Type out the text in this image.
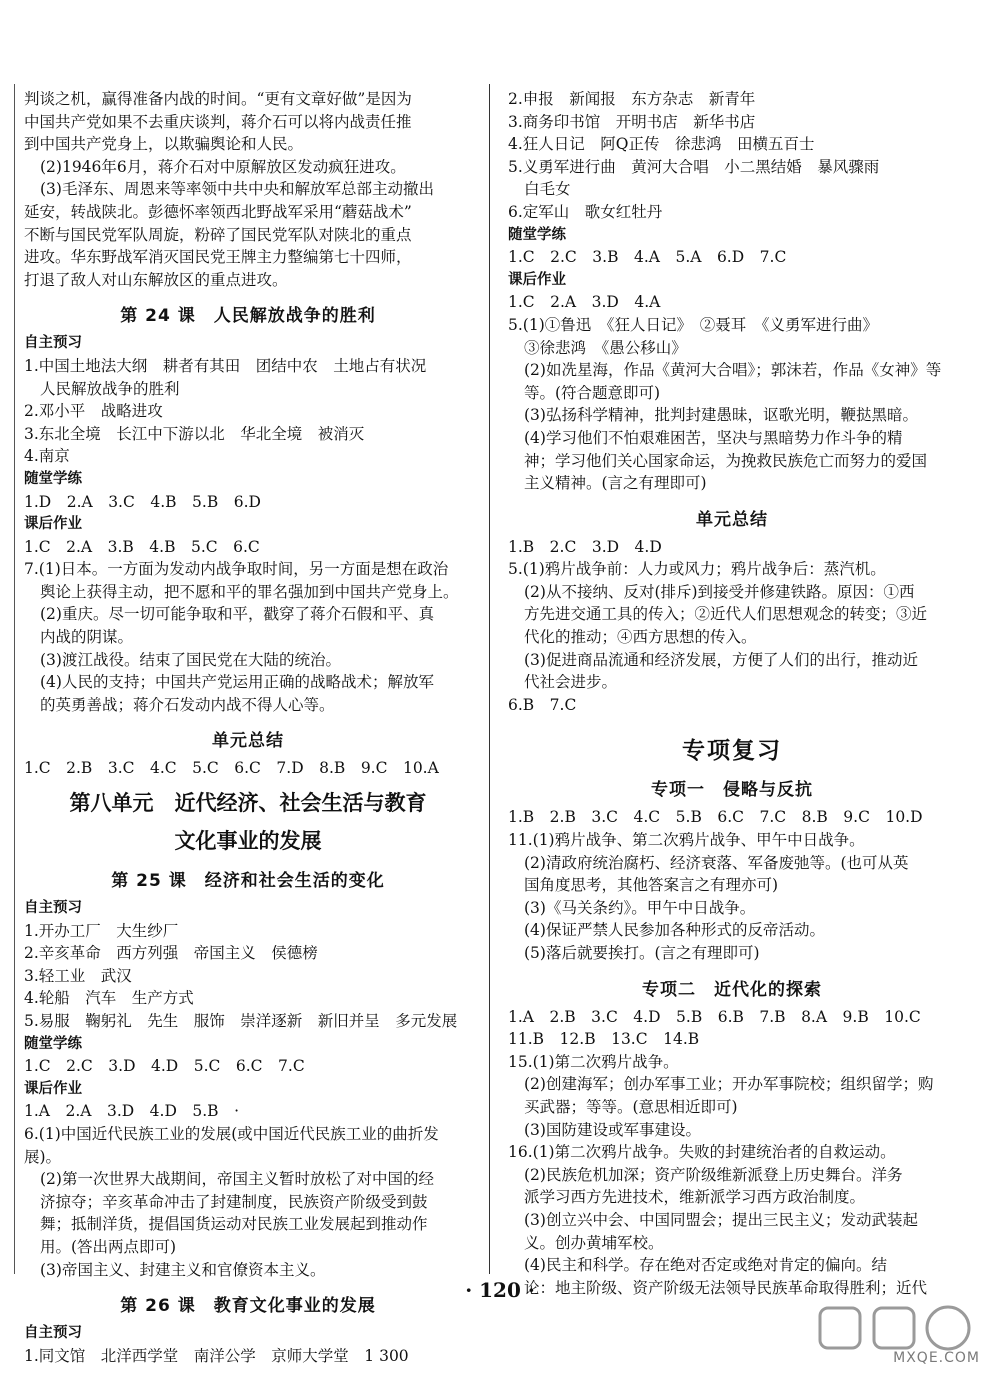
判谈之机，赢得准备内战的时间。“更有文章好做”是因为

中国共产党如果不去重庆谈判，蒋介石可以将内战责任推

到中国共产党身上，以欺骗舆论和人民。

(2)1946年6月，蒋介石对中原解放区发动疯狂进攻。

(3)毛泽东、周恩来等率领中共中央和解放军总部主动撤出

延安，转战陕北。彭德怀率领西北野战军采用“蘑菇战术”

不断与国民党军队周旋，粉碎了国民党军队对陕北的重点

进攻。华东野战军消灭国民党王牌主力整编第七十四师，

打退了敌人对山东解放区的重点进攻。

第 24 课　人民解放战争的胜利
自主预习

1.中国土地法大纲　耕者有其田　团结中农　土地占有状况

人民解放战争的胜利

2.邓小平　战略进攻

3.东北全境　长江中下游以北　华北全境　被消灭

4.南京

随堂学练

1.D　2.A　3.C　4.B　5.B　6.D

课后作业

1.C　2.A　3.B　4.B　5.C　6.C

7.(1)日本。一方面为发动内战争取时间，另一方面是想在政治

舆论上获得主动，把不愿和平的罪名强加到中国共产党身上。

(2)重庆。尽一切可能争取和平，戳穿了蒋介石假和平、真

内战的阴谋。

(3)渡江战役。结束了国民党在大陆的统治。

(4)人民的支持；中国共产党运用正确的战略战术；解放军

的英勇善战；蒋介石发动内战不得人心等。

单元总结

1.C　2.B　3.C　4.C　5.C　6.C　7.D　8.B　9.C　10.A

第八单元　近代经济、社会生活与教育
文化事业的发展
第 25 课　经济和社会生活的变化
自主预习

1.开办工厂　大生纱厂

2.辛亥革命　西方列强　帝国主义　侯德榜

3.轻工业　武汉

4.轮船　汽车　生产方式

5.易服　鞠躬礼　先生　服饰　崇洋逐新　新旧并呈　多元发展

随堂学练

1.C　2.C　3.D　4.D　5.C　6.C　7.C

课后作业

1.A　2.A　3.D　4.D　5.B　·

6.(1)中国近代民族工业的发展(或中国近代民族工业的曲折发展)。

(2)第一次世界大战期间，帝国主义暂时放松了对中国的经

济掠夺；辛亥革命冲击了封建制度，民族资产阶级受到鼓

舞；抵制洋货，提倡国货运动对民族工业发展起到推动作

用。(答出两点即可)

(3)帝国主义、封建主义和官僚资本主义。

第 26 课　教育文化事业的发展
自主预习

1.同文馆　北洋西学堂　南洋公学　京师大学堂　1 300

2.申报　新闻报　东方杂志　新青年

3.商务印书馆　开明书店　新华书店

4.狂人日记　阿Q正传　徐悲鸿　田横五百士

5.义勇军进行曲　黄河大合唱　小二黑结婚　暴风骤雨

白毛女

6.定军山　歌女红牡丹

随堂学练

1.C　2.C　3.B　4.A　5.A　6.D　7.C

课后作业

1.C　2.A　3.D　4.A

5.(1)①鲁迅　《狂人日记》　②聂耳　《义勇军进行曲》

③徐悲鸿　《愚公移山》

(2)如冼星海，作品《黄河大合唱》；郭沫若，作品《女神》等

等。(符合题意即可)

(3)弘扬科学精神，批判封建愚昧，讴歌光明，鞭挞黑暗。

(4)学习他们不怕艰难困苦，坚决与黑暗势力作斗争的精

神；学习他们关心国家命运，为挽救民族危亡而努力的爱国

主义精神。(言之有理即可)

单元总结

1.B　2.C　3.D　4.D

5.(1)鸦片战争前：人力或风力；鸦片战争后：蒸汽机。

(2)从不接纳、反对(排斥)到接受并修建铁路。原因：①西

方先进交通工具的传入；②近代人们思想观念的转变；③近

代化的推动；④西方思想的传入。

(3)促进商品流通和经济发展，方便了人们的出行，推动近

代社会进步。

6.B　7.C

专项复习
专项一　侵略与反抗

1.B　2.B　3.C　4.C　5.B　6.C　7.C　8.B　9.C　10.D

11.(1)鸦片战争、第二次鸦片战争、甲午中日战争。

(2)清政府统治腐朽、经济衰落、军备废弛等。(也可从英

国角度思考，其他答案言之有理亦可)

(3)《马关条约》。甲午中日战争。

(4)保证严禁人民参加各种形式的反帝活动。

(5)落后就要挨打。(言之有理即可)

专项二　近代化的探索

1.A　2.B　3.C　4.D　5.B　6.B　7.B　8.A　9.B　10.C

11.B　12.B　13.C　14.B

15.(1)第二次鸦片战争。

(2)创建海军；创办军事工业；开办军事院校；组织留学；购

买武器；等等。(意思相近即可)

(3)国防建设或军事建设。

16.(1)第二次鸦片战争。失败的封建统治者的自救运动。

(2)民族危机加深；资产阶级维新派登上历史舞台。洋务

派学习西方先进技术，维新派学习西方政治制度。

(3)创立兴中会、中国同盟会；提出三民主义；发动武装起

义。创办黄埔军校。

(4)民主和科学。存在绝对否定或绝对肯定的偏向。结

论：地主阶级、资产阶级无法领导民族革命取得胜利；近代

· 120 ·
MXQE.COM
